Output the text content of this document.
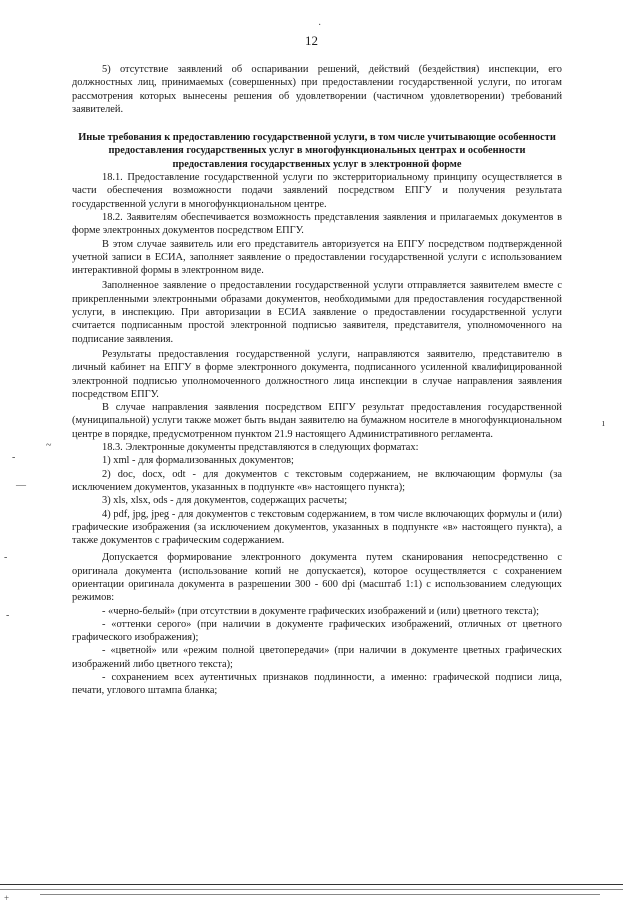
12

5) отсутствие заявлений об оспаривании решений, действий (бездействия) инспекции, его должностных лиц, принимаемых (совершенных) при предоставлении государственной услуги, по итогам рассмотрения которых вынесены решения об удовлетворении (частичном удовлетворении) требований заявителей.

Иные требования к предоставлению государственной услуги, в том числе учитывающие особенности предоставления государственных услуг в многофункциональных центрах и особенности предоставления государственных услуг в электронной форме

18.1. Предоставление государственной услуги по экстерриториальному принципу осуществляется в части обеспечения возможности подачи заявлений посредством ЕПГУ и получения результата государственной услуги в многофункциональном центре.

18.2. Заявителям обеспечивается возможность представления заявления и прилагаемых документов в форме электронных документов посредством ЕПГУ.

В этом случае заявитель или его представитель авторизуется на ЕПГУ посредством подтвержденной учетной записи в ЕСИА, заполняет заявление о предоставлении государственной услуги с использованием интерактивной формы в электронном виде.

Заполненное заявление о предоставлении государственной услуги отправляется заявителем вместе с прикрепленными электронными образами документов, необходимыми для предоставления государственной услуги, в инспекцию. При авторизации в ЕСИА заявление о предоставлении государственной услуги считается подписанным простой электронной подписью заявителя, представителя, уполномоченного на подписание заявления.

Результаты предоставления государственной услуги, направляются заявителю, представителю в личный кабинет на ЕПГУ в форме электронного документа, подписанного усиленной квалифицированной электронной подписью уполномоченного должностного лица инспекции в случае направления заявления посредством ЕПГУ.

В случае направления заявления посредством ЕПГУ результат предоставления государственной (муниципальной) услуги также может быть выдан заявителю на бумажном носителе в многофункциональном центре в порядке, предусмотренном пунктом 21.9 настоящего Административного регламента.

18.3. Электронные документы представляются в следующих форматах:

1) xml - для формализованных документов;

2) doc, docx, odt - для документов с текстовым содержанием, не включающим формулы (за исключением документов, указанных в подпункте «в» настоящего пункта);

3) xls, xlsx, ods - для документов, содержащих расчеты;

4) pdf, jpg, jpeg - для документов с текстовым содержанием, в том числе включающих формулы и (или) графические изображения (за исключением документов, указанных в подпункте «в» настоящего пункта), а также документов с графическим содержанием.

Допускается формирование электронного документа путем сканирования непосредственно с оригинала документа (использование копий не допускается), которое осуществляется с сохранением ориентации оригинала документа в разрешении 300 - 600 dpi (масштаб 1:1) с использованием следующих режимов:

- «черно-белый» (при отсутствии в документе графических изображений и (или) цветного текста);

- «оттенки серого» (при наличии в документе графических изображений, отличных от цветного графического изображения);

- «цветной» или «режим полной цветопередачи» (при наличии в документе цветных графических изображений либо цветного текста);

- сохранением всех аутентичных признаков подлинности, а именно: графической подписи лица, печати, углового штампа бланка;

·
-
—
~
ı
-
-
+
